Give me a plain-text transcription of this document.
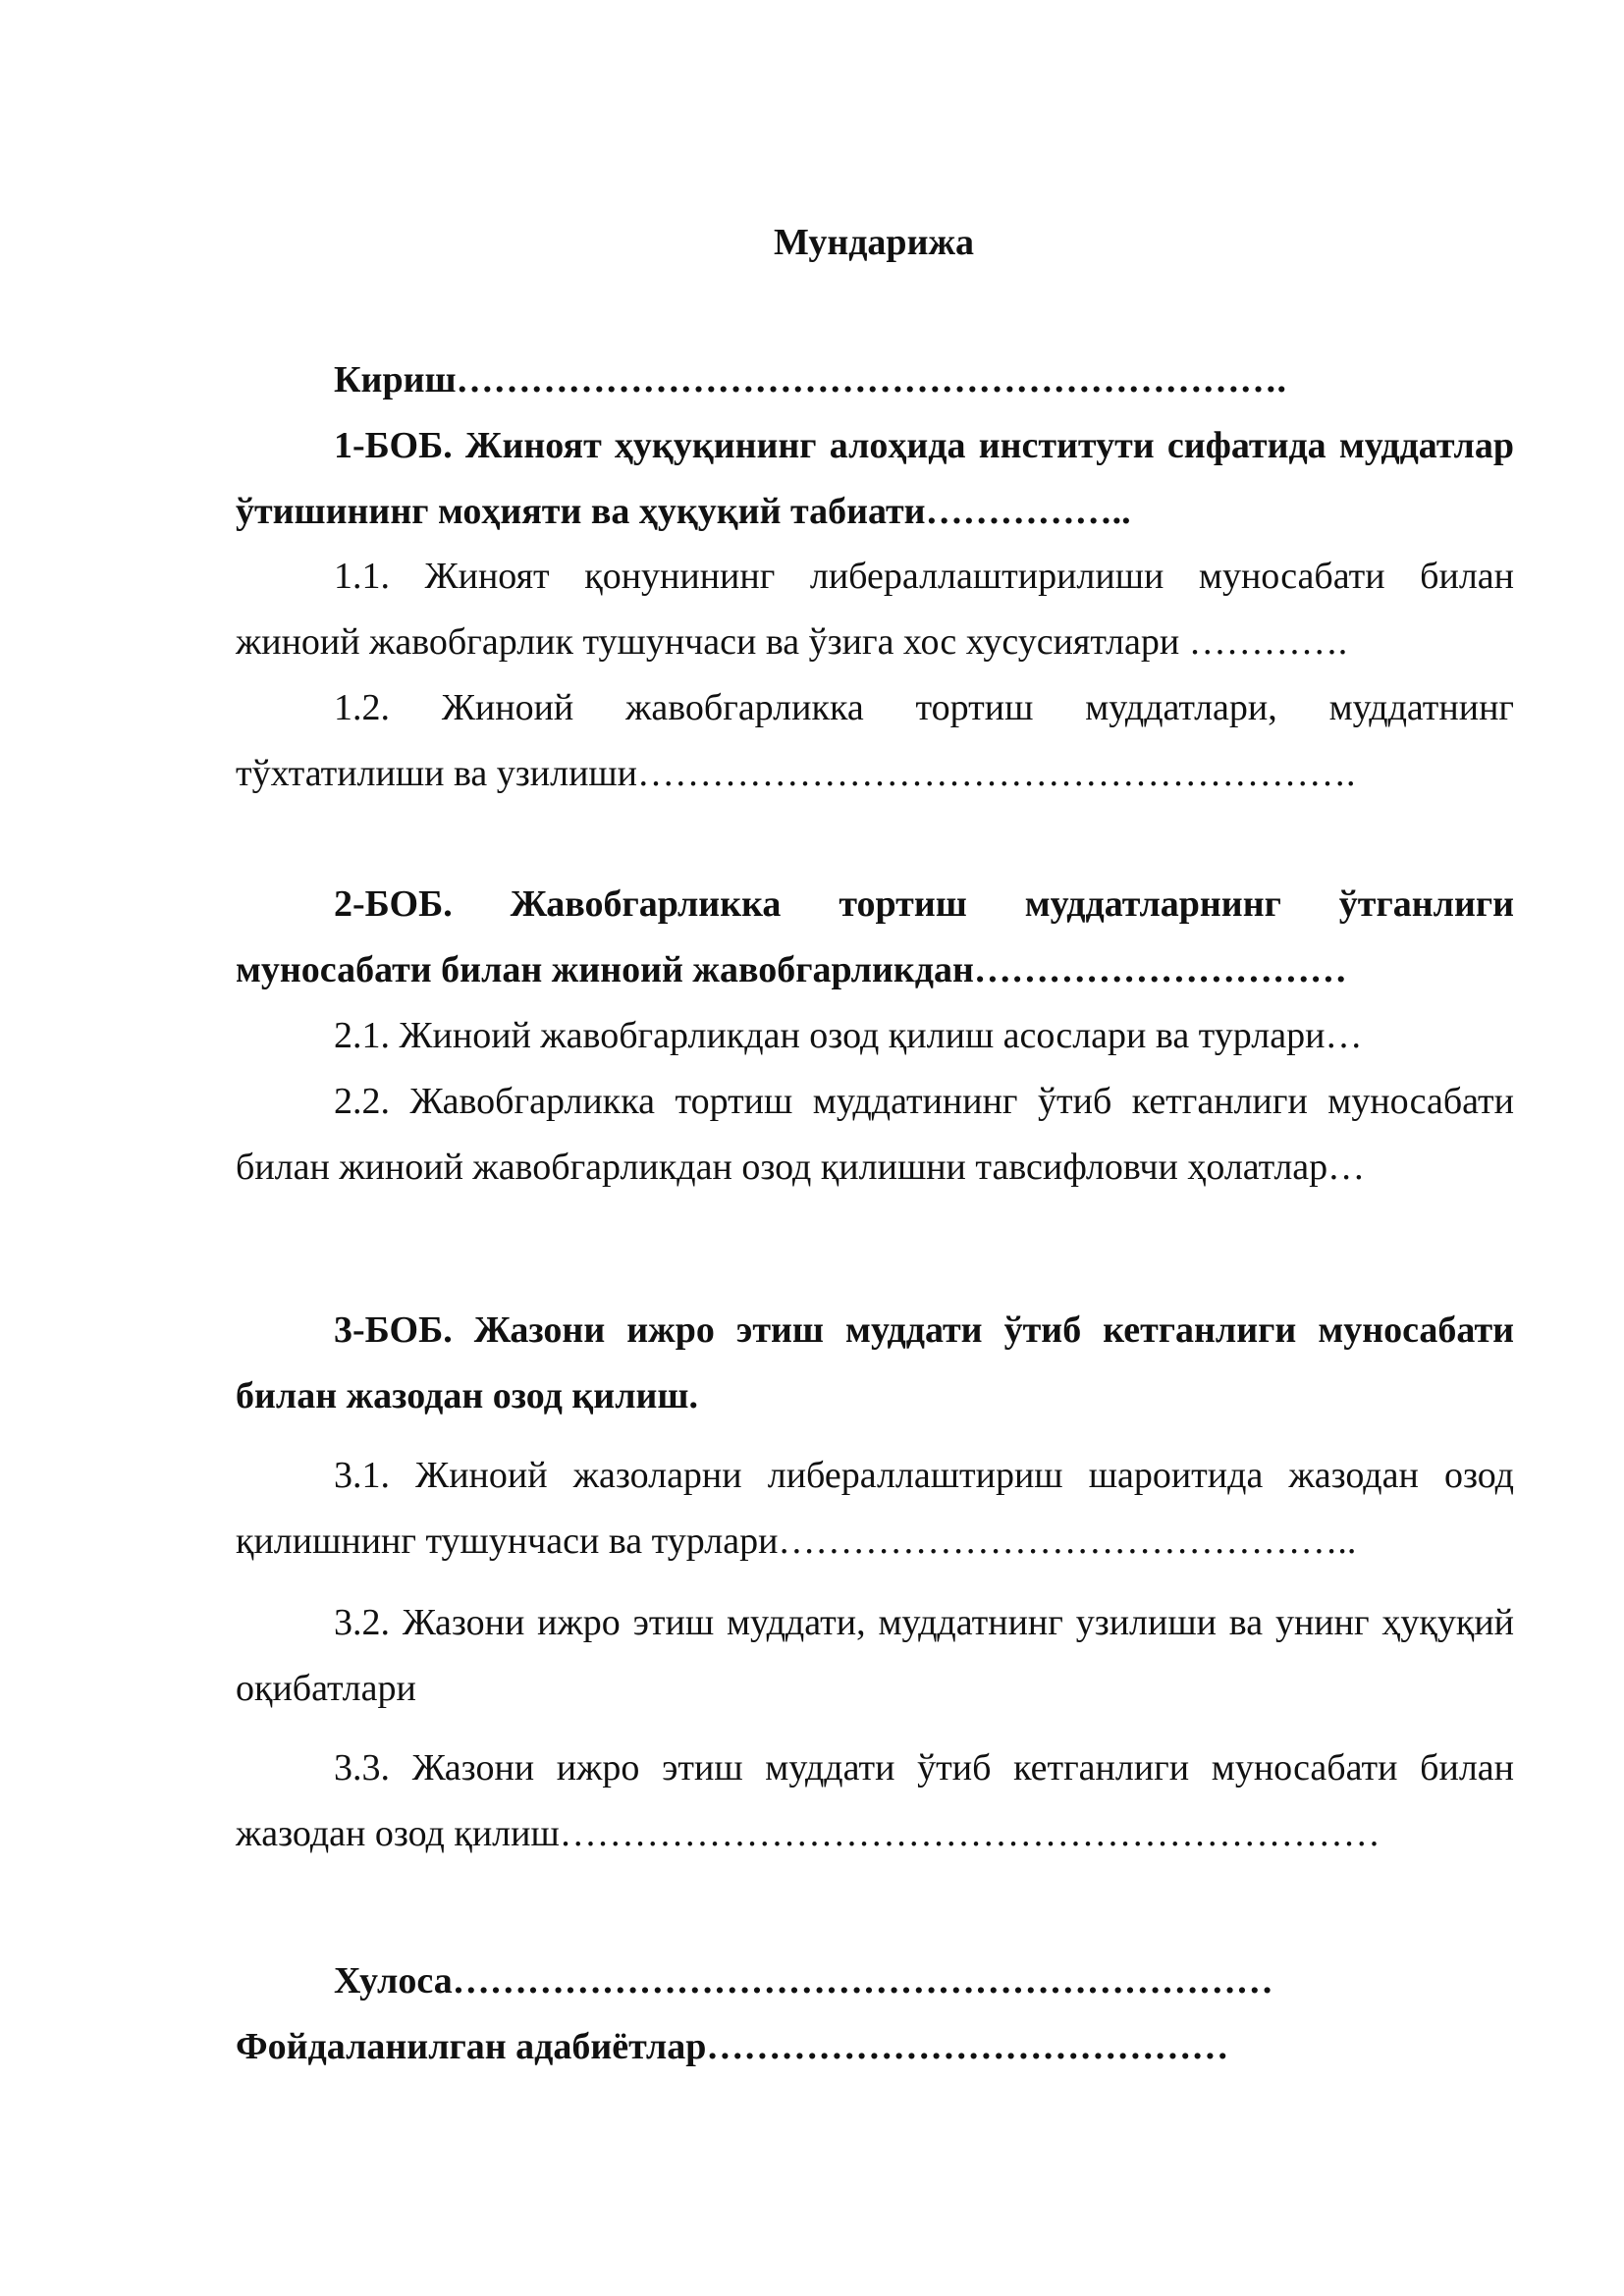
Мундарижа

Кириш………………………………………………………….

1-БОБ. Жиноят ҳуқуқининг алоҳида институти сифатида муддатлар ўтишининг моҳияти ва ҳуқуқий табиати……………..

1.1. Жиноят қонунининг либераллаштирилиши муносабати билан жиноий жавобгарлик тушунчаси ва ўзига хос хусусиятлари ………….

1.2. Жиноий жавобгарликка тортиш муддатлари, муддатнинг тўхтатилиши ва узилиши………………………………………………….

2-БОБ. Жавобгарликка тортиш муддатларнинг ўтганлиги муносабати билан жиноий жавобгарликдан…………………………

2.1. Жиноий жавобгарликдан озод қилиш асослари ва турлари…

2.2. Жавобгарликка тортиш муддатининг ўтиб кетганлиги муносабати билан жиноий жавобгарликдан озод қилишни тавсифловчи ҳолатлар…

3-БОБ. Жазони ижро этиш муддати ўтиб кетганлиги муносабати билан жазодан озод қилиш.

3.1. Жиноий жазоларни либераллаштириш шароитида жазодан озод қилишнинг тушунчаси ва турлари………………………………………..

3.2. Жазони ижро этиш муддати, муддатнинг узилиши ва унинг ҳуқуқий оқибатлари

3.3. Жазони ижро этиш муддати ўтиб кетганлиги муносабати билан жазодан озод қилиш…………………………………………………………

Хулоса…………………………………………………………

Фойдаланилган адабиётлар……………………………………
